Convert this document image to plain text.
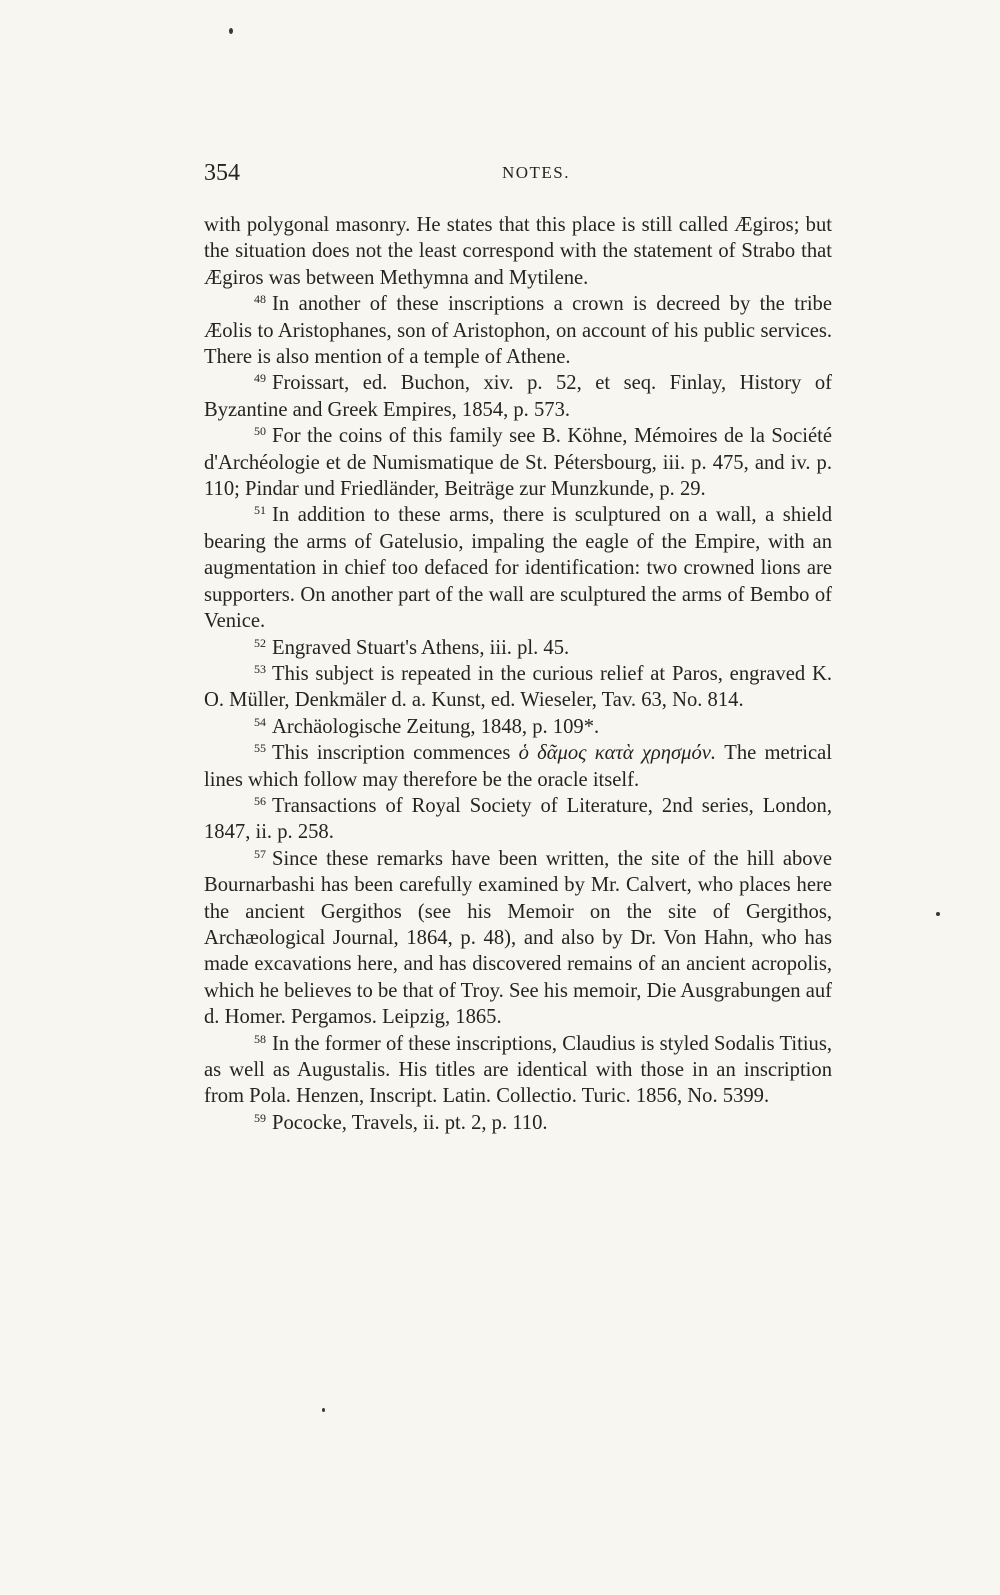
354	NOTES.

with polygonal masonry. He states that this place is still called Ægiros; but the situation does not the least correspond with the statement of Strabo that Ægiros was between Methymna and Mytilene.

$^{48}$ In another of these inscriptions a crown is decreed by the tribe Æolis to Aristophanes, son of Aristophon, on account of his public services. There is also mention of a temple of Athene.

$^{49}$ Froissart, ed. Buchon, xiv. p. 52, et seq. Finlay, History of Byzantine and Greek Empires, 1854, p. 573.

$^{50}$ For the coins of this family see B. Köhne, Mémoires de la Société d'Archéologie et de Numismatique de St. Pétersbourg, iii. p. 475, and iv. p. 110; Pindar und Friedländer, Beiträge zur Munzkunde, p. 29.

$^{51}$ In addition to these arms, there is sculptured on a wall, a shield bearing the arms of Gatelusio, impaling the eagle of the Empire, with an augmentation in chief too defaced for identification: two crowned lions are supporters. On another part of the wall are sculptured the arms of Bembo of Venice.

$^{52}$ Engraved Stuart's Athens, iii. pl. 45.

$^{53}$ This subject is repeated in the curious relief at Paros, engraved K. O. Müller, Denkmäler d. a. Kunst, ed. Wieseler, Tav. 63, No. 814.

$^{54}$ Archäologische Zeitung, 1848, p. 109*.

$^{55}$ This inscription commences ὁ δᾶμος κατὰ χρησμόν. The metrical lines which follow may therefore be the oracle itself.

$^{56}$ Transactions of Royal Society of Literature, 2nd series, London, 1847, ii. p. 258.

$^{57}$ Since these remarks have been written, the site of the hill above Bournarbashi has been carefully examined by Mr. Calvert, who places here the ancient Gergithos (see his Memoir on the site of Gergithos, Archæological Journal, 1864, p. 48), and also by Dr. Von Hahn, who has made excavations here, and has discovered remains of an ancient acropolis, which he believes to be that of Troy. See his memoir, Die Ausgrabungen auf d. Homer. Pergamos. Leipzig, 1865.

$^{58}$ In the former of these inscriptions, Claudius is styled Sodalis Titius, as well as Augustalis. His titles are identical with those in an inscription from Pola. Henzen, Inscript. Latin. Collectio. Turic. 1856, No. 5399.

$^{59}$ Pococke, Travels, ii. pt. 2, p. 110.
